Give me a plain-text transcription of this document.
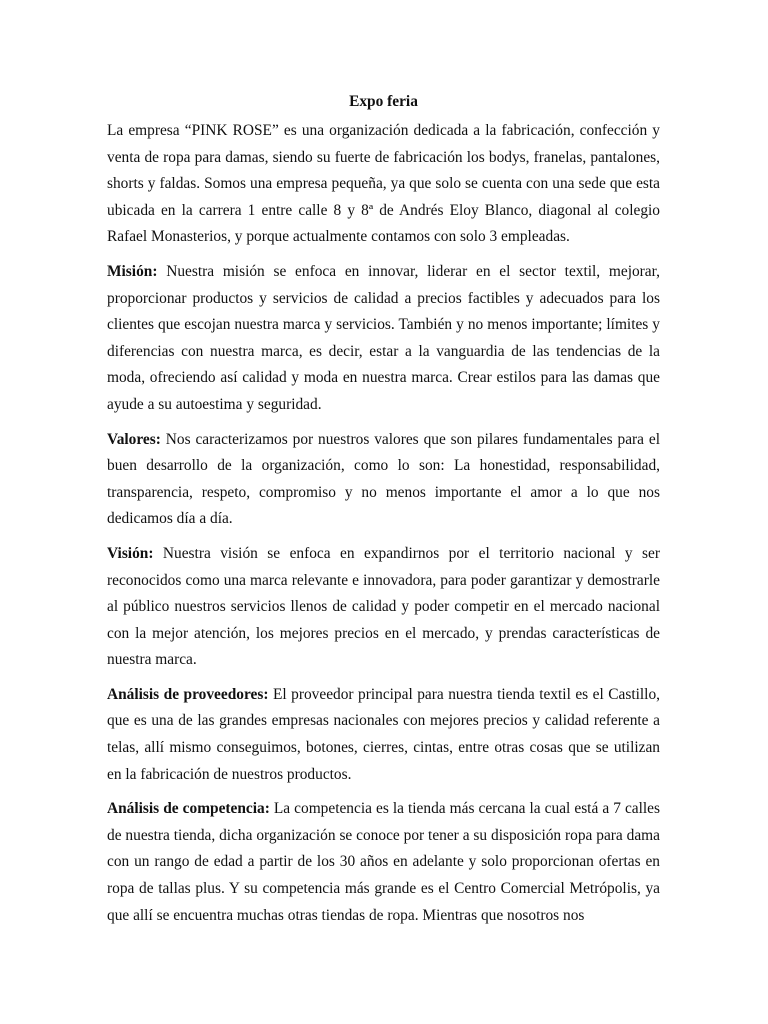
Expo feria

La empresa “PINK ROSE” es una organización dedicada a la fabricación, confección y venta de ropa para damas, siendo su fuerte de fabricación los bodys, franelas, pantalones, shorts y faldas. Somos una empresa pequeña, ya que solo se cuenta con una sede que esta ubicada en la carrera 1 entre calle 8 y 8ª de Andrés Eloy Blanco, diagonal al colegio Rafael Monasterios, y porque actualmente contamos con solo 3 empleadas.

Misión: Nuestra misión se enfoca en innovar, liderar en el sector textil, mejorar, proporcionar productos y servicios de calidad a precios factibles y adecuados para los clientes que escojan nuestra marca y servicios. También y no menos importante; límites y diferencias con nuestra marca, es decir, estar a la vanguardia de las tendencias de la moda, ofreciendo así calidad y moda en nuestra marca. Crear estilos para las damas que ayude a su autoestima y seguridad.

Valores: Nos caracterizamos por nuestros valores que son pilares fundamentales para el buen desarrollo de la organización, como lo son: La honestidad, responsabilidad, transparencia, respeto, compromiso y no menos importante el amor a lo que nos dedicamos día a día.

Visión: Nuestra visión se enfoca en expandirnos por el territorio nacional y ser reconocidos como una marca relevante e innovadora, para poder garantizar y demostrarle al público nuestros servicios llenos de calidad y poder competir en el mercado nacional con la mejor atención, los mejores precios en el mercado, y prendas características de nuestra marca.

Análisis de proveedores: El proveedor principal para nuestra tienda textil es el Castillo, que es una de las grandes empresas nacionales con mejores precios y calidad referente a telas, allí mismo conseguimos, botones, cierres, cintas, entre otras cosas que se utilizan en la fabricación de nuestros productos.

Análisis de competencia: La competencia es la tienda más cercana la cual está a 7 calles de nuestra tienda, dicha organización se conoce por tener a su disposición ropa para dama con un rango de edad a partir de los 30 años en adelante y solo proporcionan ofertas en ropa de tallas plus. Y su competencia más grande es el Centro Comercial Metrópolis, ya que allí se encuentra muchas otras tiendas de ropa. Mientras que nosotros nos
